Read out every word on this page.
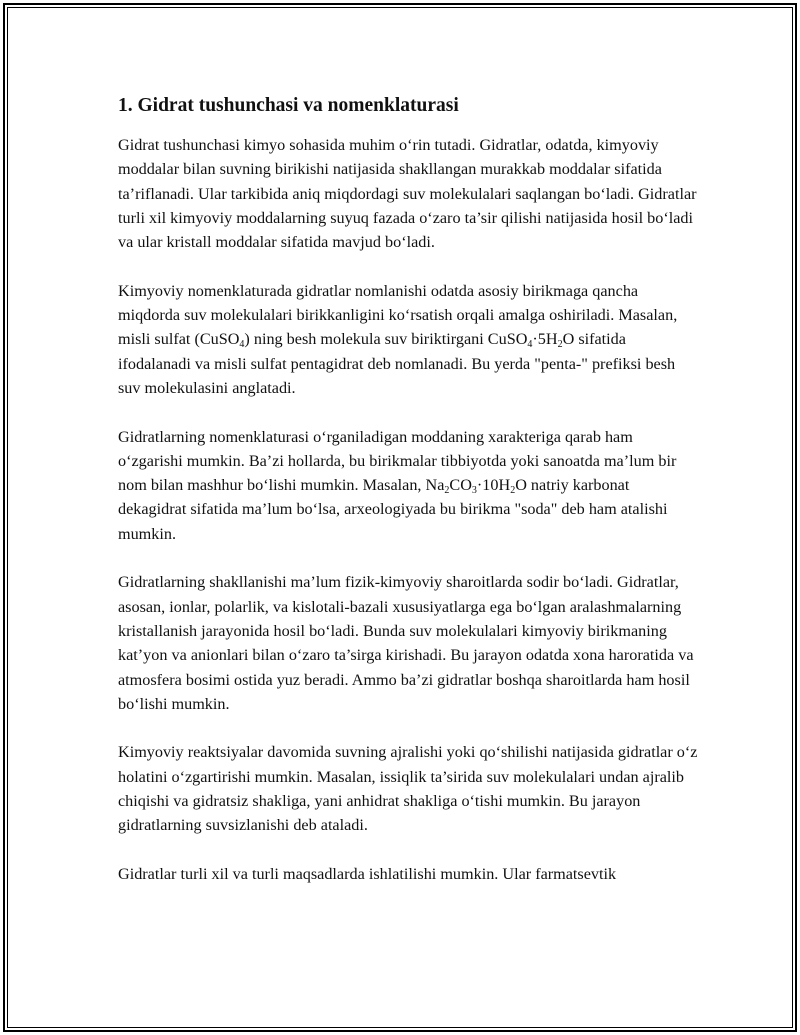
1. Gidrat tushunchasi va nomenklaturasi

Gidrat tushunchasi kimyo sohasida muhim o‘rin tutadi. Gidratlar, odatda, kimyoviy moddalar bilan suvning birikishi natijasida shakllangan murakkab moddalar sifatida ta’riflanadi. Ular tarkibida aniq miqdordagi suv molekulalari saqlangan bo‘ladi. Gidratlar turli xil kimyoviy moddalarning suyuq fazada o‘zaro ta’sir qilishi natijasida hosil bo‘ladi va ular kristall moddalar sifatida mavjud bo‘ladi.

Kimyoviy nomenklaturada gidratlar nomlanishi odatda asosiy birikmaga qancha miqdorda suv molekulalari birikkanligini ko‘rsatish orqali amalga oshiriladi. Masalan, misli sulfat (CuSO$_4$) ning besh molekula suv biriktirgani $CuSO_4\cdot 5H_2O$ sifatida ifodalanadi va misli sulfat pentagidrat deb nomlanadi. Bu yerda "penta-" prefiksi besh suv molekulasini anglatadi.

Gidratlarning nomenklaturasi o‘rganiladigan moddaning xarakteriga qarab ham o‘zgarishi mumkin. Ba’zi hollarda, bu birikmalar tibbiyotda yoki sanoatda ma’lum bir nom bilan mashhur bo‘lishi mumkin. Masalan, $Na_2CO_3\cdot 10H_2O$ natriy karbonat dekagidrat sifatida ma’lum bo‘lsa, arxeologiyada bu birikma "soda" deb ham atalishi mumkin.

Gidratlarning shakllanishi ma’lum fizik-kimyoviy sharoitlarda sodir bo‘ladi. Gidratlar, asosan, ionlar, polarlik, va kislotali-bazali xususiyatlarga ega bo‘lgan aralashmalarning kristallanish jarayonida hosil bo‘ladi. Bunda suv molekulalari kimyoviy birikmaning kat’yon va anionlari bilan o‘zaro ta’sirga kirishadi. Bu jarayon odatda xona haroratida va atmosfera bosimi ostida yuz beradi. Ammo ba’zi gidratlar boshqa sharoitlarda ham hosil bo‘lishi mumkin.

Kimyoviy reaktsiyalar davomida suvning ajralishi yoki qo‘shilishi natijasida gidratlar o‘z holatini o‘zgartirishi mumkin. Masalan, issiqlik ta’sirida suv molekulalari undan ajralib chiqishi va gidratsiz shakliga, yani anhidrat shakliga o‘tishi mumkin. Bu jarayon gidratlarning suvsizlanishi deb ataladi.

Gidratlar turli xil va turli maqsadlarda ishlatilishi mumkin. Ular farmatsevtik
